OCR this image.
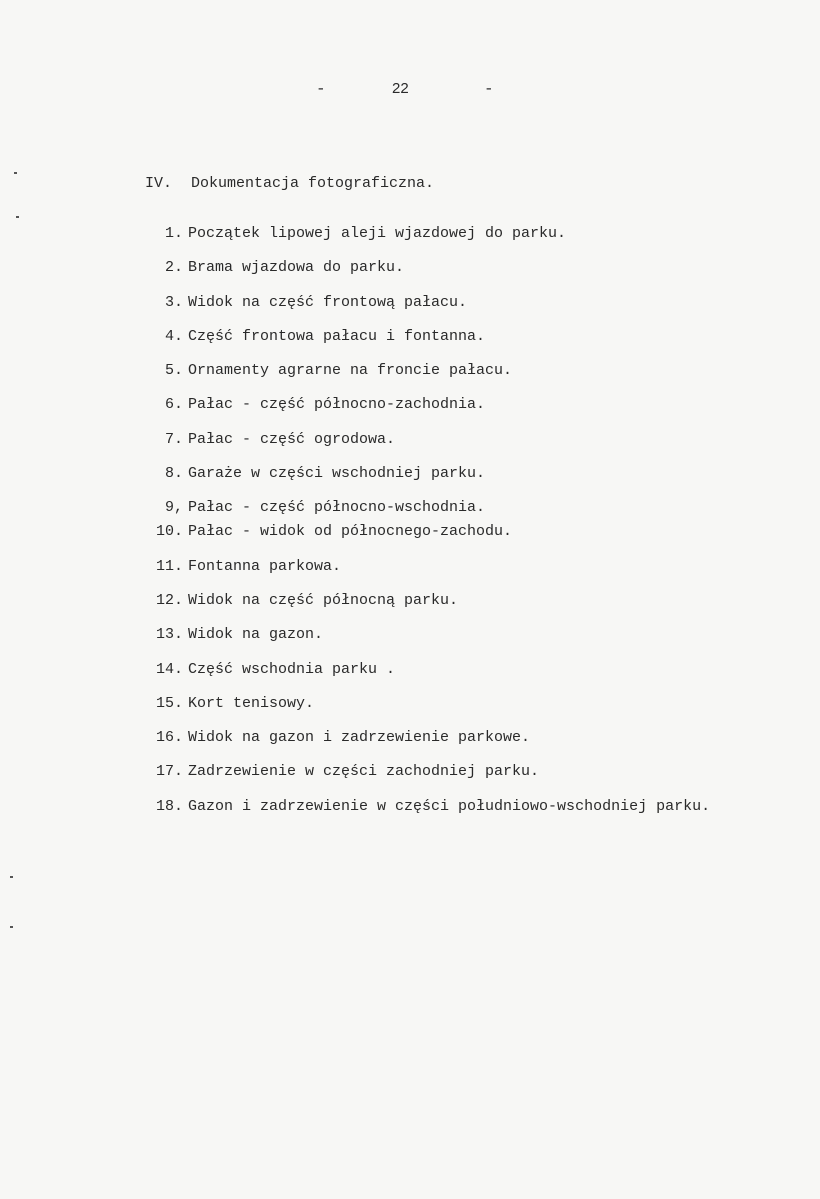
-	22	-
IV. Dokumentacja fotograficzna.
1. Początek lipowej aleji wjazdowej do parku.
2. Brama wjazdowa do parku.
3. Widok na część frontową pałacu.
4. Część frontowa pałacu i fontanna.
5. Ornamenty agrarne na froncie pałacu.
6. Pałac - część północno-zachodnia.
7. Pałac - część ogrodowa.
8. Garaże w części wschodniej parku.
9, Pałac - część północno-wschodnia.
10. Pałac - widok od północnego-zachodu.
11. Fontanna parkowa.
12. Widok na część północną parku.
13. Widok na gazon.
14. Część wschodnia parku .
15. Kort tenisowy.
16. Widok na gazon i zadrzewienie parkowe.
17. Zadrzewienie w części zachodniej parku.
18. Gazon i zadrzewienie w części południowo-wschodniej parku.
